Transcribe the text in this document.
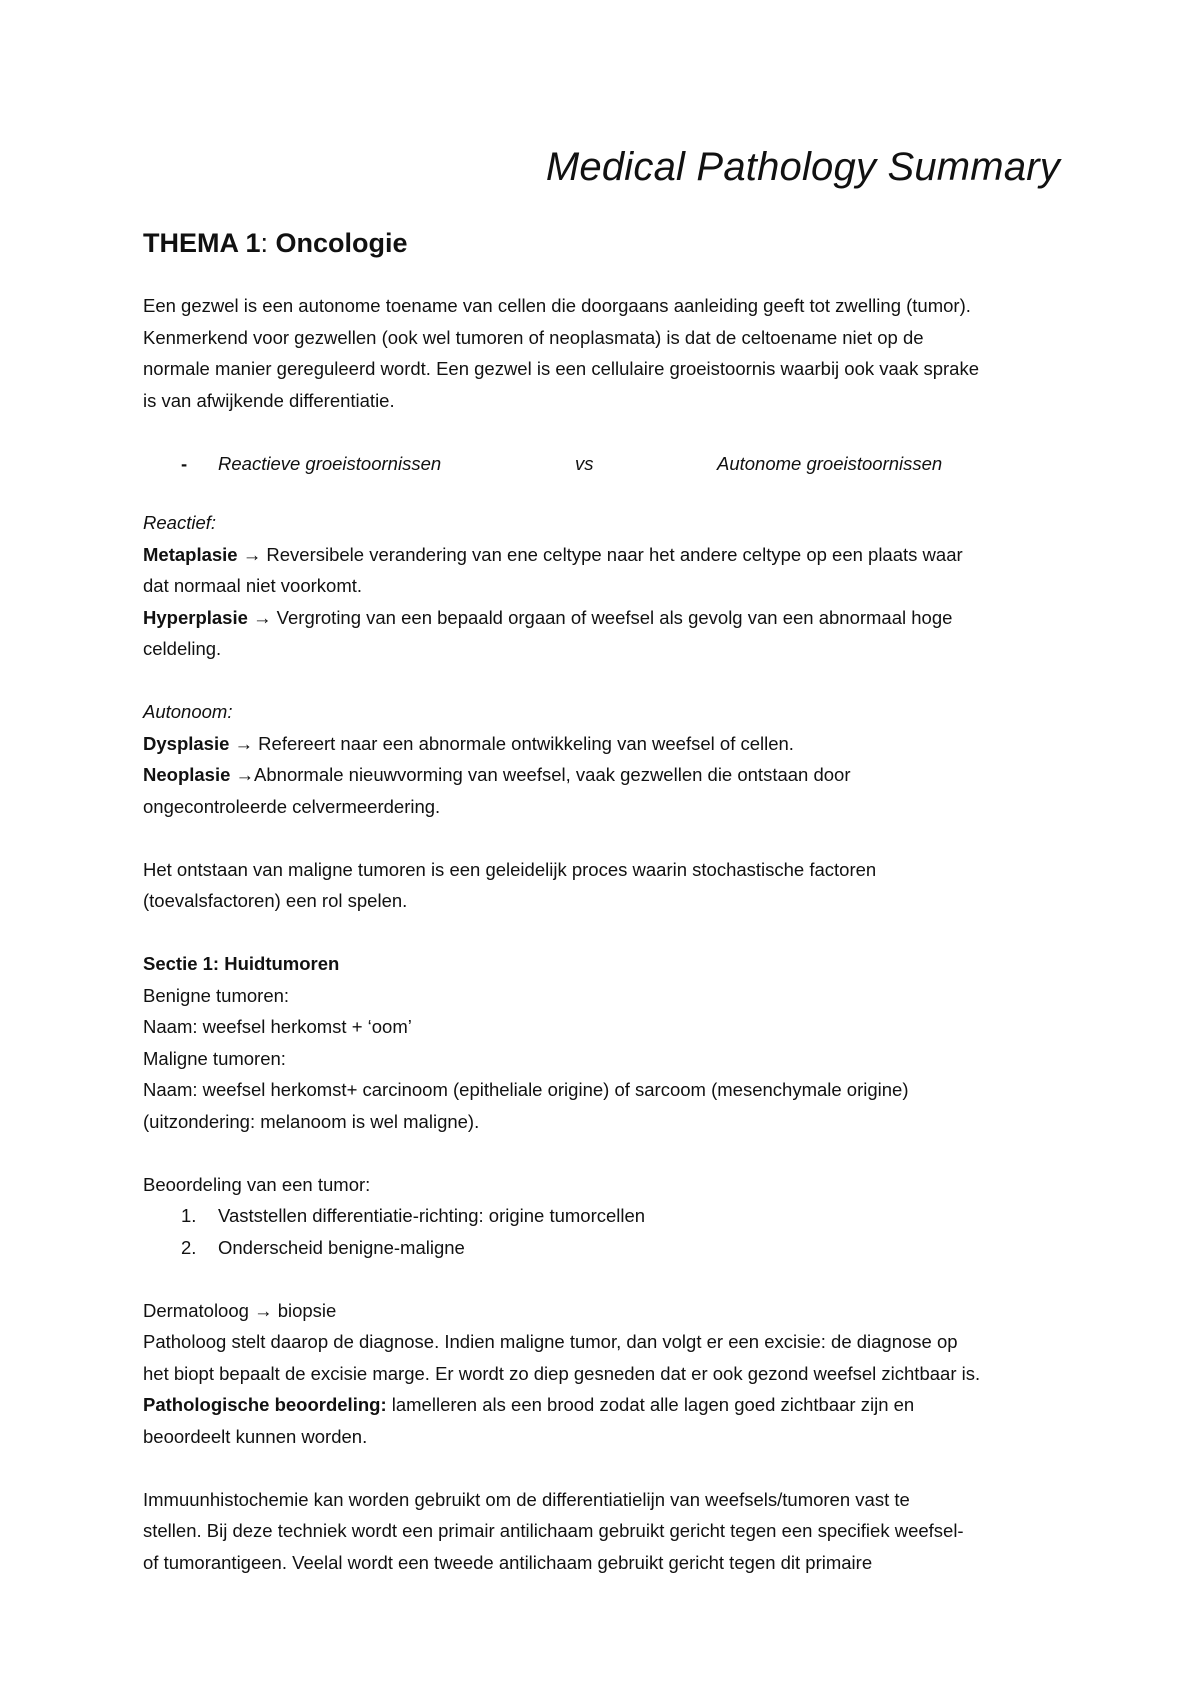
Medical Pathology Summary
THEMA 1: Oncologie

Een gezwel is een autonome toename van cellen die doorgaans aanleiding geeft tot zwelling (tumor).

Kenmerkend voor gezwellen (ook wel tumoren of neoplasmata) is dat de celtoename niet op de

normale manier gereguleerd wordt. Een gezwel is een cellulaire groeistoornis waarbij ook vaak sprake

is van afwijkende differentiatie.

- Reactieve groeistoornissen	vs	Autonome groeistoornissen

Reactief:

Metaplasie → Reversibele verandering van ene celtype naar het andere celtype op een plaats waar

dat normaal niet voorkomt.

Hyperplasie → Vergroting van een bepaald orgaan of weefsel als gevolg van een abnormaal hoge

celdeling.

Autonoom:

Dysplasie → Refereert naar een abnormale ontwikkeling van weefsel of cellen.

Neoplasie →Abnormale nieuwvorming van weefsel, vaak gezwellen die ontstaan door

ongecontroleerde celvermeerdering.

Het ontstaan van maligne tumoren is een geleidelijk proces waarin stochastische factoren

(toevalsfactoren) een rol spelen.

Sectie 1: Huidtumoren

Benigne tumoren:

Naam: weefsel herkomst + ‘oom’

Maligne tumoren:

Naam: weefsel herkomst+ carcinoom (epitheliale origine) of sarcoom (mesenchymale origine)

(uitzondering: melanoom is wel maligne).

Beoordeling van een tumor:

1. Vaststellen differentiatie-richting: origine tumorcellen
2. Onderscheid benigne-maligne

Dermatoloog → biopsie

Patholoog stelt daarop de diagnose. Indien maligne tumor, dan volgt er een excisie: de diagnose op

het biopt bepaalt de excisie marge. Er wordt zo diep gesneden dat er ook gezond weefsel zichtbaar is.

Pathologische beoordeling: lamelleren als een brood zodat alle lagen goed zichtbaar zijn en

beoordeelt kunnen worden.

Immuunhistochemie kan worden gebruikt om de differentiatielijn van weefsels/tumoren vast te

stellen. Bij deze techniek wordt een primair antilichaam gebruikt gericht tegen een specifiek weefsel-

of tumorantigeen. Veelal wordt een tweede antilichaam gebruikt gericht tegen dit primaire
